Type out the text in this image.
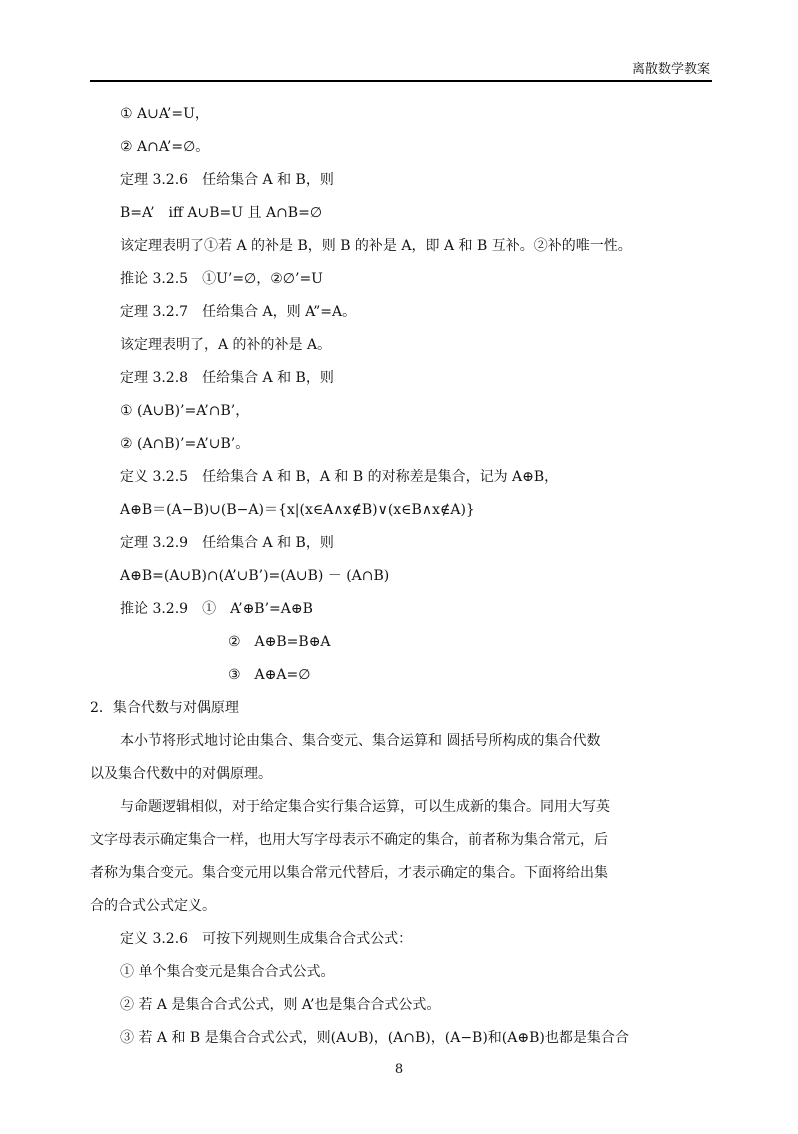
离散数学教案
① A∪A’=U，
② A∩A’=∅。
定理 3.2.6　任给集合 A 和 B，则
B=A’　iff A∪B=U 且 A∩B=∅
该定理表明了①若 A 的补是 B，则 B 的补是 A，即 A 和 B 互补。②补的唯一性。
推论 3.2.5　①U’=∅，②∅’=U
定理 3.2.7　任给集合 A，则 A”=A。
该定理表明了，A 的补的补是 A。
定理 3.2.8　任给集合 A 和 B，则
① (A∪B)’=A’∩B’，
② (A∩B)’=A’∪B’。
定义 3.2.5　任给集合 A 和 B，A 和 B 的对称差是集合，记为 A⊕B，
A⊕B＝(A−B)∪(B−A)＝{x|(x∈A∧x∉B)∨(x∈B∧x∉A)}
定理 3.2.9　任给集合 A 和 B，则
A⊕B=(A∪B)∩(A’∪B’)=(A∪B) － (A∩B)
推论 3.2.9　①　A’⊕B’=A⊕B
②　A⊕B=B⊕A
③　A⊕A=∅
2．集合代数与对偶原理
本小节将形式地讨论由集合、集合变元、集合运算和 圆括号所构成的集合代数
以及集合代数中的对偶原理。
与命题逻辑相似，对于给定集合实行集合运算，可以生成新的集合。同用大写英
文字母表示确定集合一样，也用大写字母表示不确定的集合，前者称为集合常元，后
者称为集合变元。集合变元用以集合常元代替后，才表示确定的集合。下面将给出集
合的合式公式定义。
定义 3.2.6　可按下列规则生成集合合式公式：
① 单个集合变元是集合合式公式。
② 若 A 是集合合式公式，则 A’也是集合合式公式。
③ 若 A 和 B 是集合合式公式，则(A∪B)，(A∩B)，(A−B)和(A⊕B)也都是集合合
8
